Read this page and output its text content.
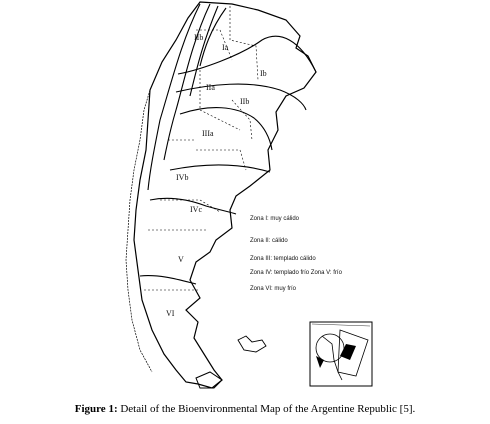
Ia
Ib
IIa
IIb
IIIa
IIb
IVb
IVc
V
VI
Zona I: muy cálido
Zona II: cálido
Zona III: templado cálido
Zona IV: templado frío Zona V: frío
Zona VI: muy frío
Figure 1: Detail of the Bioenvironmental Map of the Argentine Republic [5].
